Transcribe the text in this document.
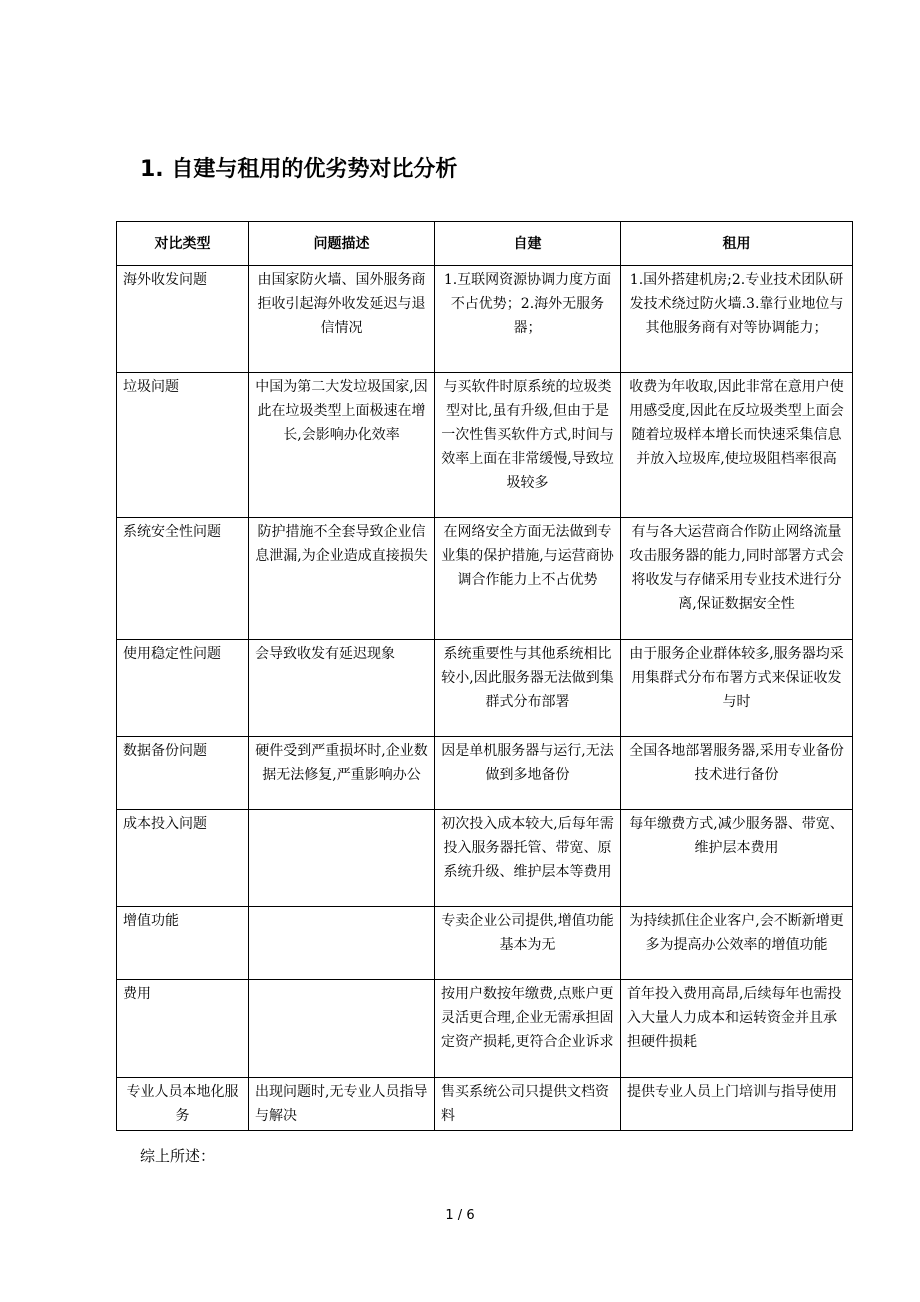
1. 自建与租用的优劣势对比分析
对比类型	问题描述	自建	租用
海外收发问题	由国家防火墙、国外服务商拒收引起海外收发延迟与退信情况	1.互联网资源协调力度方面不占优势；2.海外无服务器；	1.国外搭建机房;2.专业技术团队研发技术绕过防火墙.3.靠行业地位与其他服务商有对等协调能力；
垃圾问题	中国为第二大发垃圾国家,因此在垃圾类型上面极速在增长,会影响办化效率	与买软件时原系统的垃圾类型对比,虽有升级,但由于是一次性售买软件方式,时间与效率上面在非常缓慢,导致垃圾较多	收费为年收取,因此非常在意用户使用感受度,因此在反垃圾类型上面会随着垃圾样本增长而快速采集信息并放入垃圾库,使垃圾阻档率很高
系统安全性问题	防护措施不全套导致企业信息泄漏,为企业造成直接损失	在网络安全方面无法做到专业集的保护措施,与运营商协调合作能力上不占优势	有与各大运营商合作防止网络流量攻击服务器的能力,同时部署方式会将收发与存储采用专业技术进行分离,保证数据安全性
使用稳定性问题	会导致收发有延迟现象	系统重要性与其他系统相比较小,因此服务器无法做到集群式分布部署	由于服务企业群体较多,服务器均采用集群式分布布署方式来保证收发与时
数据备份问题	硬件受到严重损坏时,企业数据无法修复,严重影响办公	因是单机服务器与运行,无法做到多地备份	全国各地部署服务器,采用专业备份技术进行备份
成本投入问题		初次投入成本较大,后每年需投入服务器托管、带宽、原系统升级、维护层本等费用	每年缴费方式,减少服务器、带宽、维护层本费用
增值功能		专卖企业公司提供,增值功能基本为无	为持续抓住企业客户,会不断新增更多为提高办公效率的增值功能
费用		按用户数按年缴费,点账户更灵活更合理,企业无需承担固定资产损耗,更符合企业诉求	首年投入费用高昂,后续每年也需投入大量人力成本和运转资金并且承担硬件损耗
专业人员本地化服务	出现问题时,无专业人员指导与解决	售买系统公司只提供文档资料	提供专业人员上门培训与指导使用

综上所述：

1 / 6
